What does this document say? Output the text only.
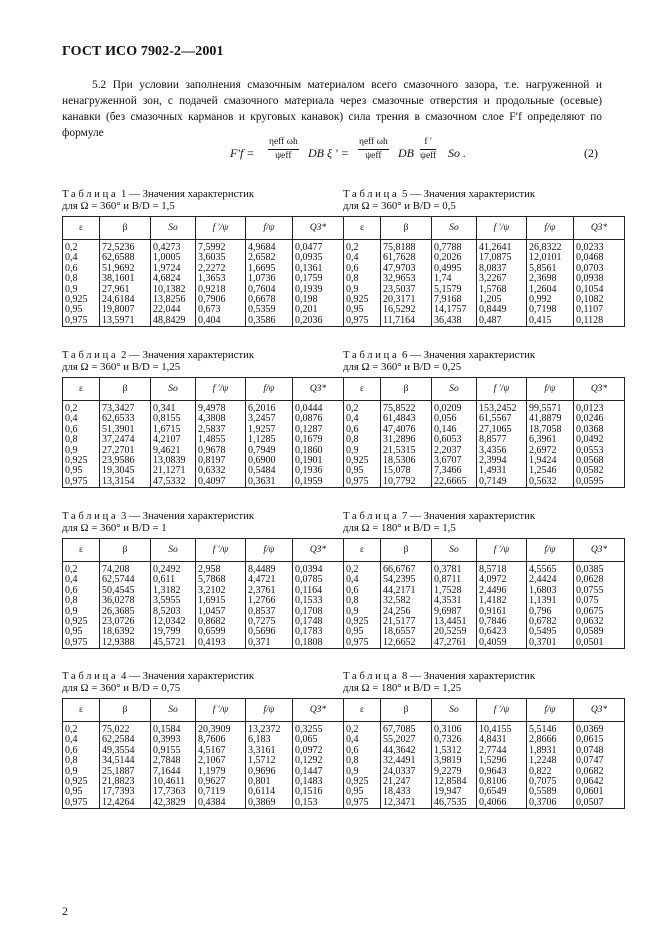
ГОСТ ИСО 7902-2—2001

5.2 При условии заполнения смазочным материалом всего смазочного зазора, т.е. нагруженной и ненагруженной зон, с подачей смазочного материала через смазочные отверстия и продольные (осевые) канавки (без смазочных карманов и круговых канавок) сила трения в смазочном слое F′f определяют по формуле

F′f =
ηeff ωh
ψeff	DB ξ ′ =
ηeff ωh
ψeff	DB
f ′
ψeff So .	(2)
Таблица 1 — Значения характеристик
для Ω = 360° и B/D = 1,5
ε	β	So	f ′/ψ	f/ψ	Q3*
0,2	72,5236	0,4273	7,5992	4,9684	0,0477
0,4	62,6588	1,0005	3,6035	2,6582	0,0935
0,6	51,9692	1,9724	2,2272	1,6695	0,1361
0,8	38,1601	4,6824	1,3653	1,0736	0,1759
0,9	27,961	10,1382	0,9218	0,7604	0,1939
0,925	24,6184	13,8256	0,7906	0,6678	0,198
0,95	19,8007	22,044	0,673	0,5359	0,201
0,975	13,5971	48,8429	0,404	0,3586	0,2036
Таблица 2 — Значения характеристик
для Ω = 360° и B/D = 1,25
ε	β	So	f ′/ψ	f/ψ	Q3*
0,2	73,3427	0,341	9,4978	6,2016	0,0444
0,4	62,6533	0,8155	4,3808	3,2457	0,0876
0,6	51,3901	1,6715	2,5837	1,9257	0,1287
0,8	37,2474	4,2107	1,4855	1,1285	0,1679
0,9	27,2701	9,4621	0,9678	0,7949	0,1860
0,925	23,9586	13,0839	0,8197	0,6900	0,1901
0,95	19,3045	21,1271	0,6332	0,5484	0,1936
0,975	13,3154	47,5332	0,4097	0,3631	0,1959
Таблица 3 — Значения характеристик
для Ω = 360° и B/D = 1
ε	β	So	f ′/ψ	f/ψ	Q3*
0,2	74,208	0,2492	2,958	8,4489	0,0394
0,4	62,5744	0,611	5,7868	4,4721	0,0785
0,6	50,4545	1,3182	3,2102	2,3761	0,1164
0,8	36,0278	3,5955	1,6915	1,2766	0,1533
0,9	26,3685	8,5203	1,0457	0,8537	0,1708
0,925	23,0726	12,0342	0,8682	0,7275	0,1748
0,95	18,6392	19,799	0,6599	0,5696	0,1783
0,975	12,9388	45,5721	0,4193	0,371	0,1808
Таблица 4 — Значения характеристик
для Ω = 360° и B/D = 0,75
ε	β	So	f ′/ψ	f/ψ	Q3*
0,2	75,022	0,1584	20,3909	13,2372	0,3255
0,4	62,2584	0,3993	8,7606	6,183	0,065
0,6	49,3554	0,9155	4,5167	3,3161	0,0972
0,8	34,5144	2,7848	2,1067	1,5712	0,1292
0,9	25,1887	7,1644	1,1979	0,9696	0,1447
0,925	21,8823	10,4611	0,9627	0,801	0,1483
0,95	17,7393	17,7363	0,7119	0,6114	0,1516
0,975	12,4264	42,3829	0,4384	0,3869	0,153
Таблица 5 — Значения характеристик
для Ω = 360° и B/D = 0,5
ε	β	So	f ′/ψ	f/ψ	Q3*
0,2	75,8188	0,7788	41,2641	26,8322	0,0233
0,4	61,7628	0,2026	17,0875	12,0101	0,0468
0,6	47,9703	0,4995	8,0837	5,8561	0,0703
0,8	32,9653	1,74	3,2267	2,3698	0,0938
0,9	23,5037	5,1579	1,5768	1,2604	0,1054
0,925	20,3171	7,9168	1,205	0,992	0,1082
0,95	16,5292	14,1757	0,8449	0,7198	0,1107
0,975	11,7164	36,438	0,487	0,415	0,1128
Таблица 6 — Значения характеристик
для Ω = 360° и B/D = 0,25
ε	β	So	f ′/ψ	f/ψ	Q3*
0,2	75,8522	0,0209	153,2452	99,5571	0,0123
0,4	61,4843	0,056	61,5567	41,8879	0,0246
0,6	47,4076	0,146	27,1065	18,7058	0,0368
0,8	31,2896	0,6053	8,8577	6,3961	0,0492
0,9	21,5315	2,2037	3,4356	2,6972	0,0553
0,925	18,5306	3,6707	2,3994	1,9424	0,0568
0,95	15,078	7,3466	1,4931	1,2546	0,0582
0,975	10,7792	22,6665	0,7149	0,5632	0,0595
Таблица 7 — Значения характеристик
для Ω = 180° и B/D = 1,5
ε	β	So	f ′/ψ	f/ψ	Q3*
0,2	66,6767	0,3781	8,5718	4,5565	0,0385
0,4	54,2395	0,8711	4,0972	2,4424	0,0628
0,6	44,2171	1,7528	2,4496	1,6803	0,0755
0,8	32,582	4,3531	1,4182	1,1391	0,075
0,9	24,256	9,6987	0,9161	0,796	0,0675
0,925	21,5177	13,4451	0,7846	0,6782	0,0632
0,95	18,6557	20,5259	0,6423	0,5495	0,0589
0,975	12,6652	47,2761	0,4059	0,3701	0,0501
Таблица 8 — Значения характеристик
для Ω = 180° и B/D = 1,25
ε	β	So	f ′/ψ	f/ψ	Q3*
0,2	67,7085	0,3106	10,4155	5,5146	0,0369
0,4	55,2027	0,7326	4,8431	2,8666	0,0615
0,6	44,3642	1,5312	2,7744	1,8931	0,0748
0,8	32,4491	3,9819	1,5296	1,2248	0,0747
0,9	24,0337	9,2279	0,9643	0,822	0,0682
0,925	21,247	12,8584	0,8106	0,7075	0,0642
0,95	18,433	19,947	0,6549	0,5589	0,0601
0,975	12,3471	46,7535	0,4066	0,3706	0,0507
2
